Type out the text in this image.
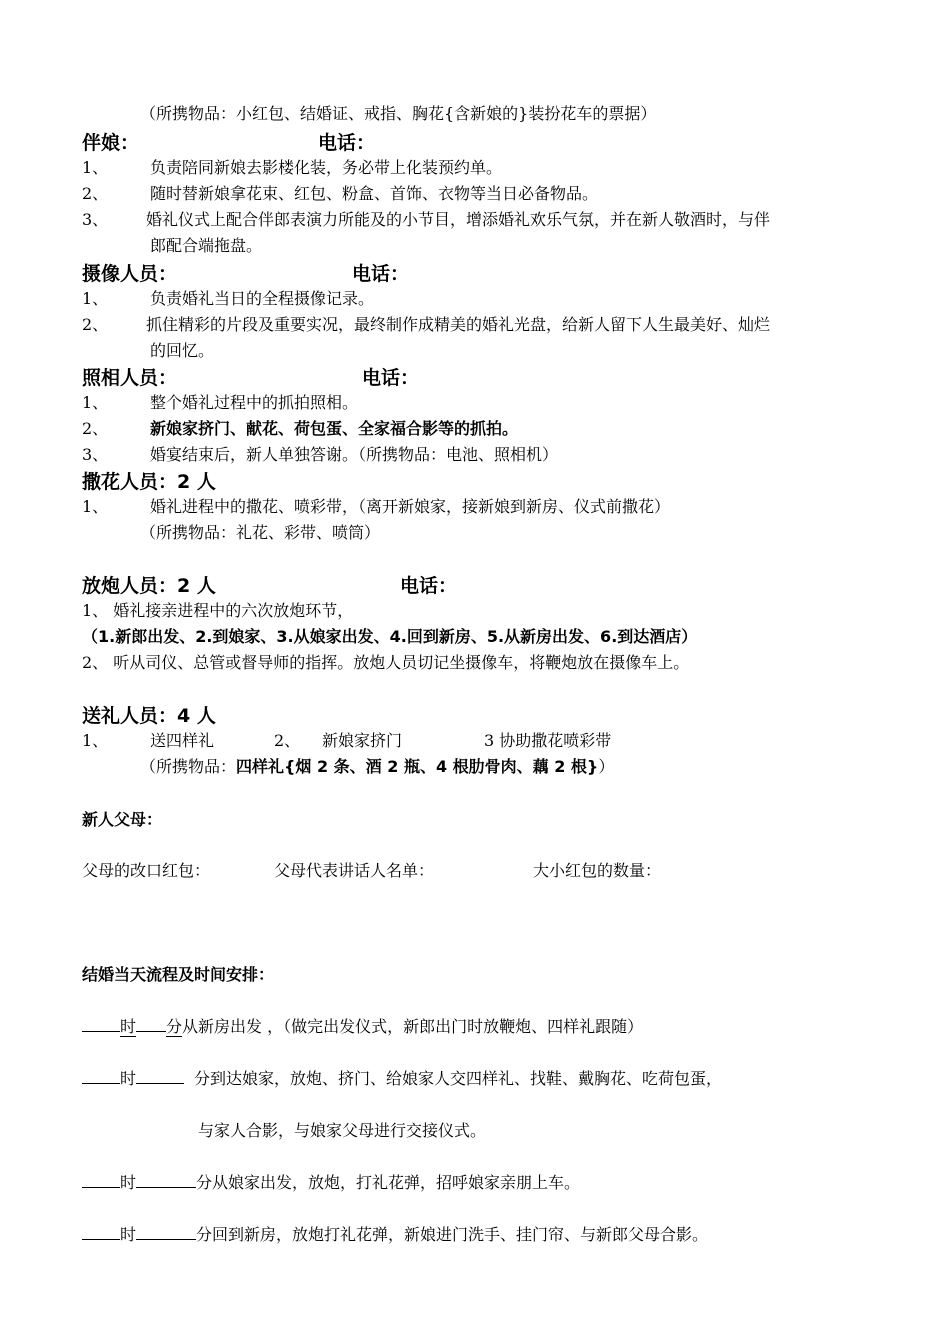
（所携物品：小红包、结婚证、戒指、胸花{含新娘的}装扮花车的票据）
伴娘：	电话：
1、	负责陪同新娘去影楼化装，务必带上化装预约单。
2、	随时替新娘拿花束、红包、粉盒、首饰、衣物等当日必备物品。
3、 婚礼仪式上配合伴郎表演力所能及的小节目，增添婚礼欢乐气氛，并在新人敬酒时，与伴
郎配合端拖盘。
摄像人员：	电话：
1、	负责婚礼当日的全程摄像记录。
2、 抓住精彩的片段及重要实况，最终制作成精美的婚礼光盘，给新人留下人生最美好、灿烂
的回忆。
照相人员：	电话：
1、	整个婚礼过程中的抓拍照相。
2、	新娘家挤门、献花、荷包蛋、全家福合影等的抓拍。
3、	婚宴结束后，新人单独答谢。（所携物品：电池、照相机）
撒花人员：2 人
1、	婚礼进程中的撒花、喷彩带，（离开新娘家，接新娘到新房、仪式前撒花）
（所携物品：礼花、彩带、喷筒）
放炮人员：2 人	电话：
1、 婚礼接亲进程中的六次放炮环节，
（1.新郎出发、2.到娘家、3.从娘家出发、4.回到新房、5.从新房出发、6.到达酒店）
2、 听从司仪、总管或督导师的指挥。放炮人员切记坐摄像车，将鞭炮放在摄像车上。
送礼人员：4 人
1、	送四样礼	2、 新娘家挤门	3 协助撒花喷彩带
（所携物品：四样礼{烟 2 条、酒 2 瓶、4 根肋骨肉、藕 2 根}）
新人父母：
父母的改口红包：	父母代表讲话人名单：	大小红包的数量：
结婚当天流程及时间安排：
时 分从新房出发 ，（做完出发仪式，新郎出门时放鞭炮、四样礼跟随）
时	分到达娘家，放炮、挤门、给娘家人交四样礼、找鞋、戴胸花、吃荷包蛋，
与家人合影，与娘家父母进行交接仪式。
时	分从娘家出发，放炮，打礼花弹，招呼娘家亲朋上车。
时	分回到新房，放炮打礼花弹，新娘进门洗手、挂门帘、与新郎父母合影。
